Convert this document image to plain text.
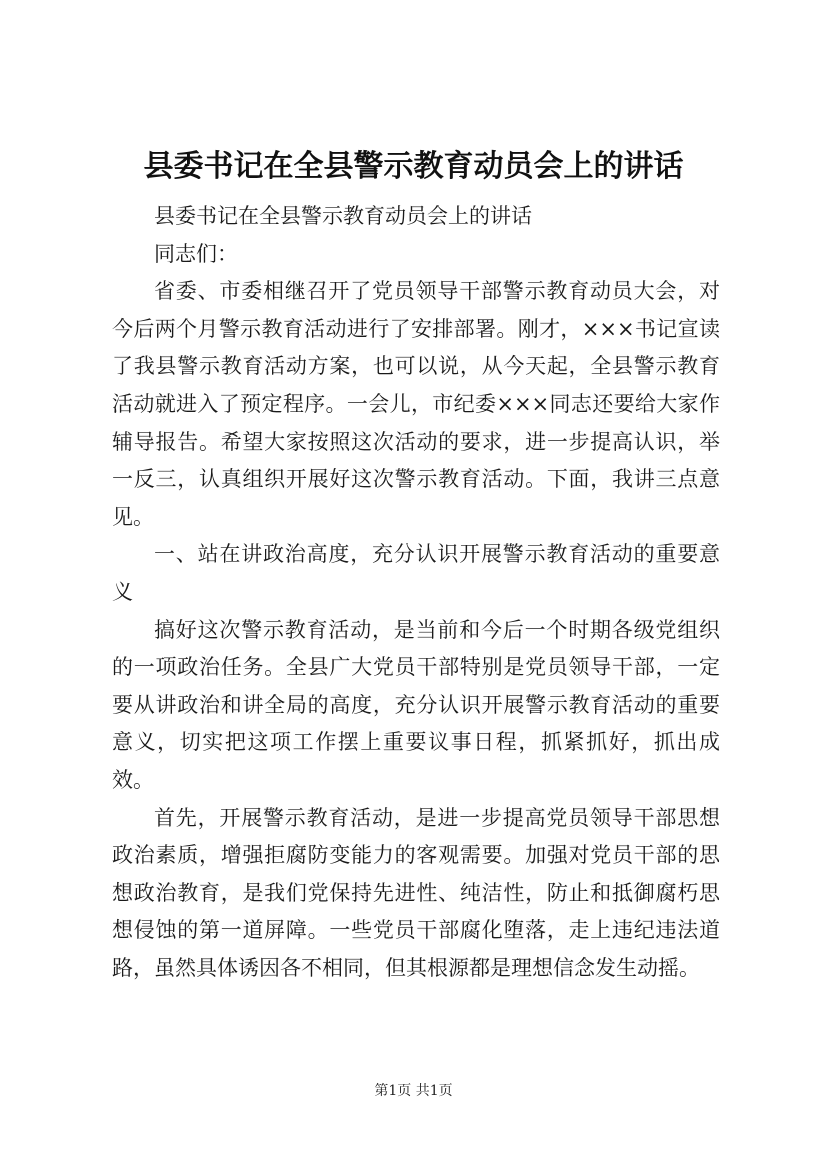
县委书记在全县警示教育动员会上的讲话

县委书记在全县警示教育动员会上的讲话

同志们：

省委、市委相继召开了党员领导干部警示教育动员大会，对今后两个月警示教育活动进行了安排部署。刚才，×××书记宣读了我县警示教育活动方案，也可以说，从今天起，全县警示教育活动就进入了预定程序。一会儿，市纪委×××同志还要给大家作辅导报告。希望大家按照这次活动的要求，进一步提高认识，举一反三，认真组织开展好这次警示教育活动。下面，我讲三点意见。

一、站在讲政治高度，充分认识开展警示教育活动的重要意义

搞好这次警示教育活动，是当前和今后一个时期各级党组织的一项政治任务。全县广大党员干部特别是党员领导干部，一定要从讲政治和讲全局的高度，充分认识开展警示教育活动的重要意义，切实把这项工作摆上重要议事日程，抓紧抓好，抓出成效。

首先，开展警示教育活动，是进一步提高党员领导干部思想政治素质，增强拒腐防变能力的客观需要。加强对党员干部的思想政治教育，是我们党保持先进性、纯洁性，防止和抵御腐朽思想侵蚀的第一道屏障。一些党员干部腐化堕落，走上违纪违法道路，虽然具体诱因各不相同，但其根源都是理想信念发生动摇。

第1页 共1页
